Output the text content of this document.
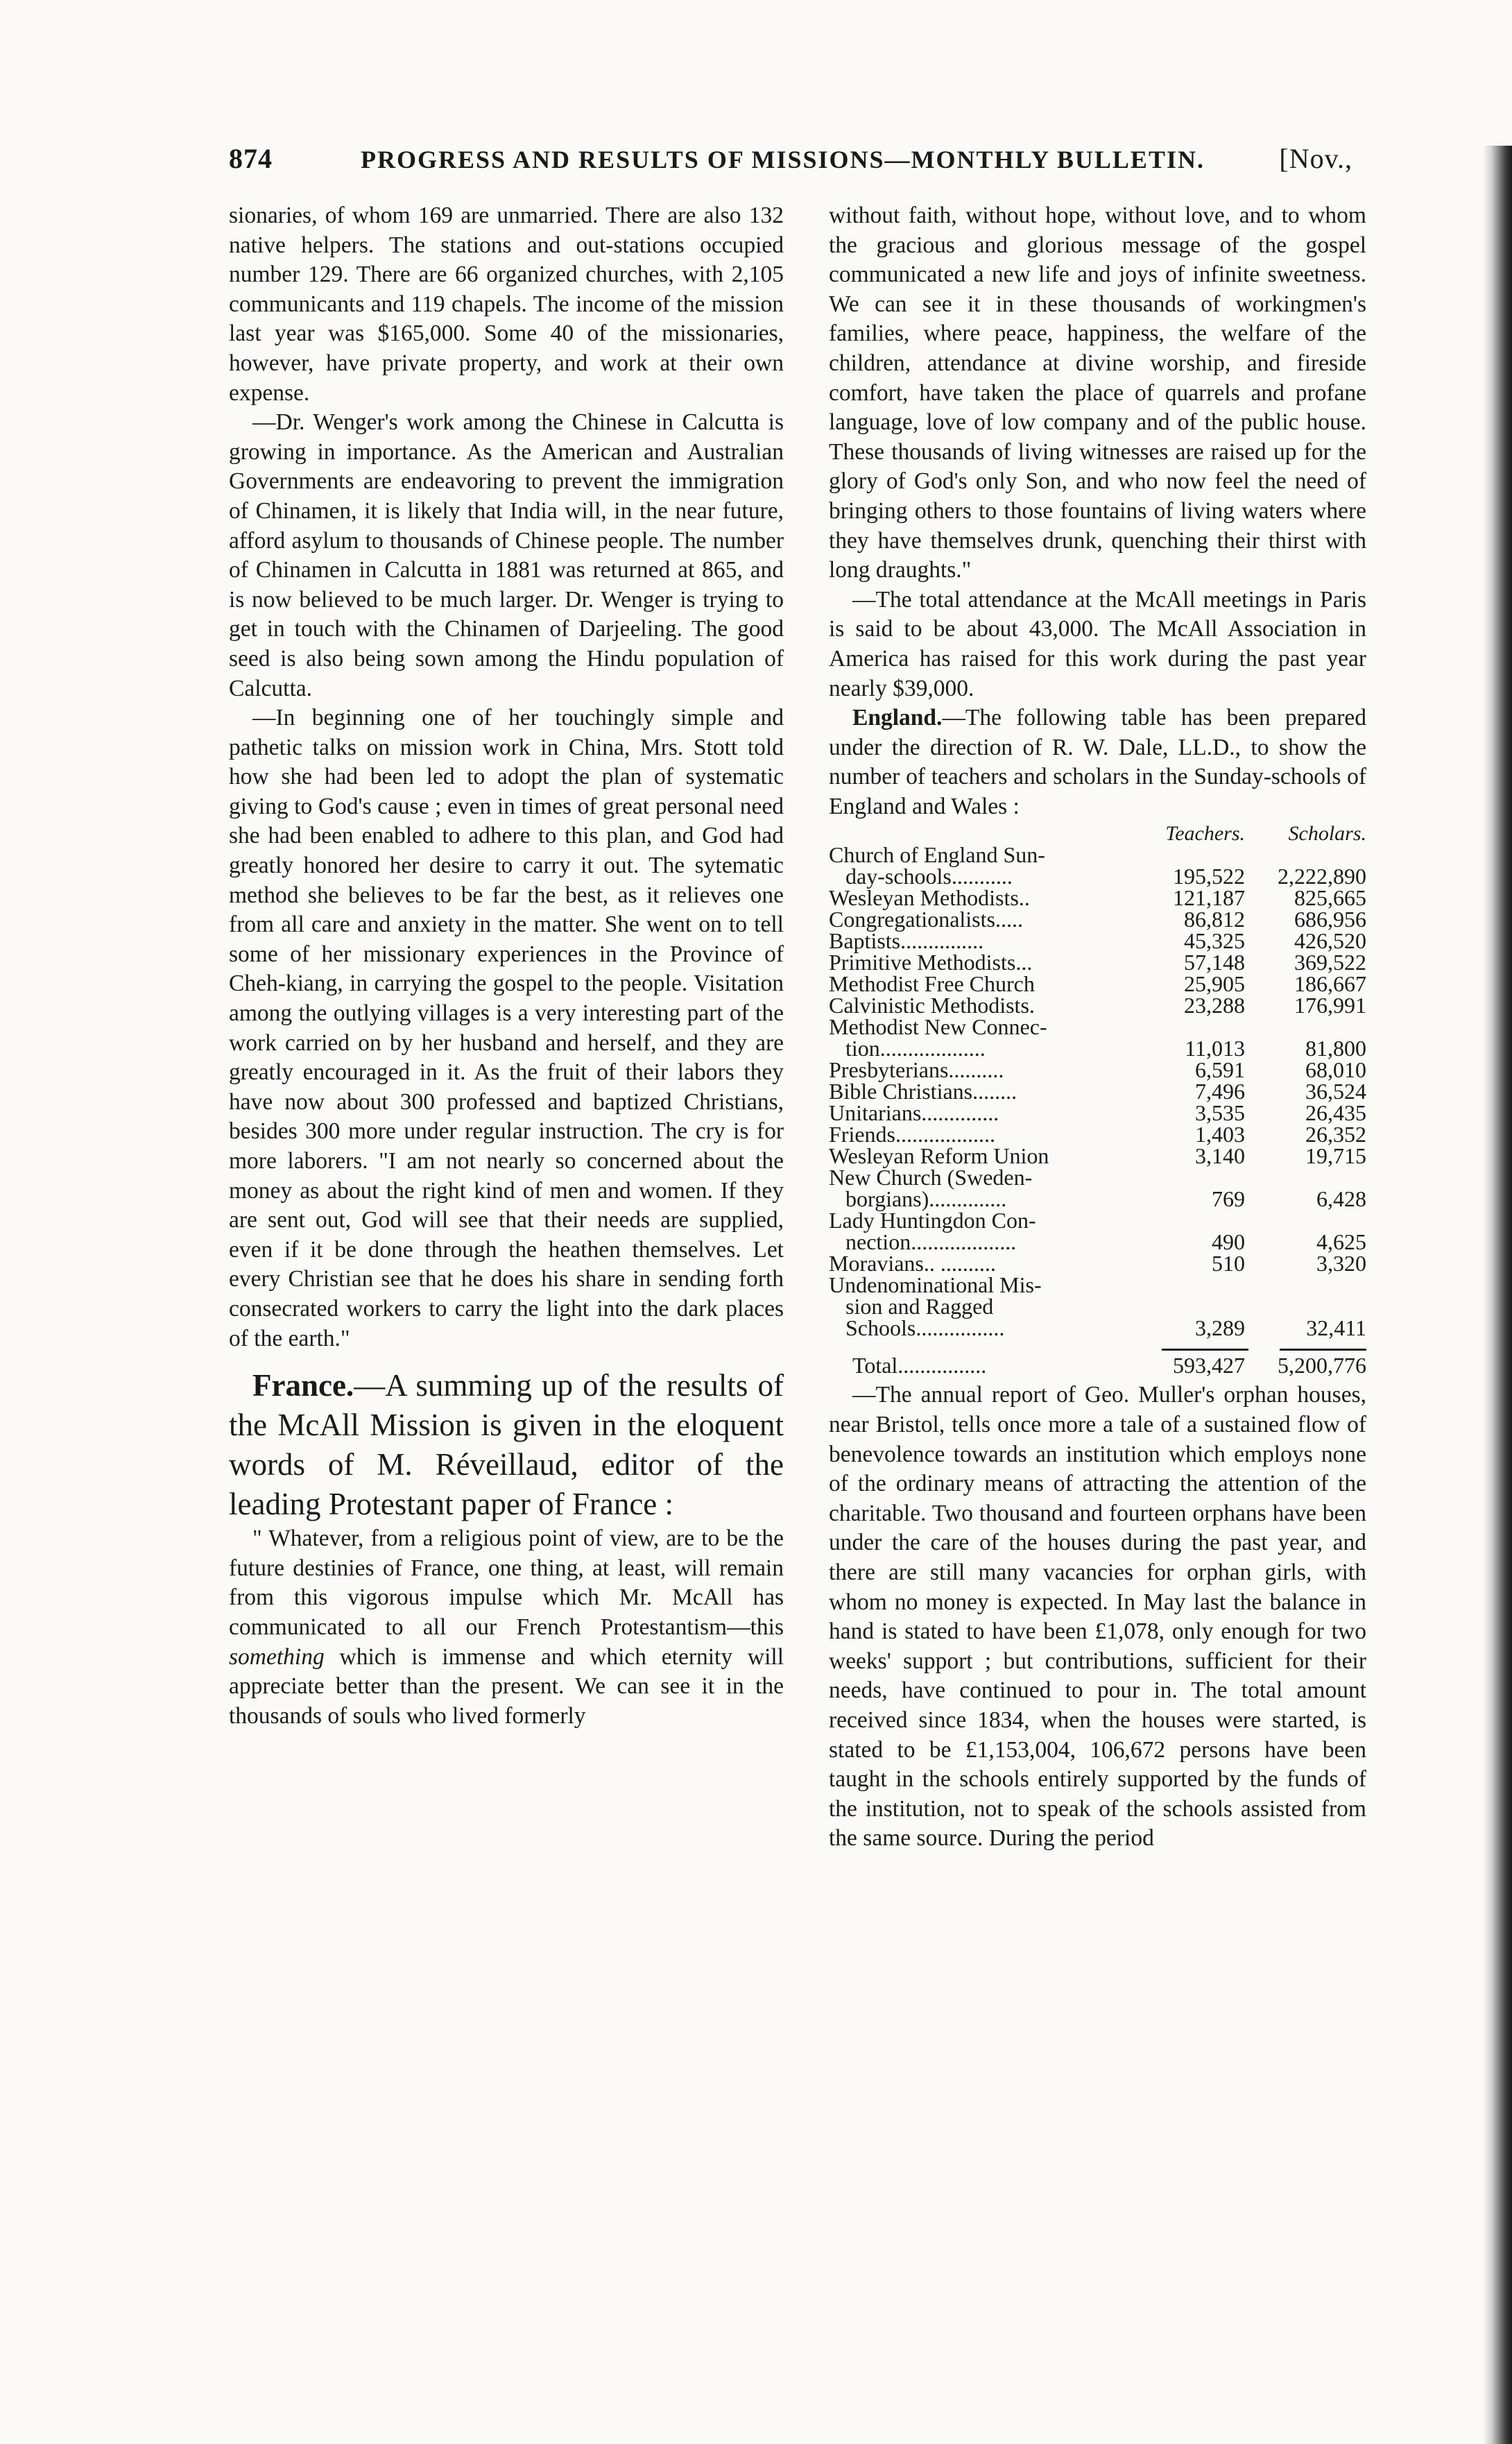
874	PROGRESS AND RESULTS OF MISSIONS—MONTHLY BULLETIN.	[Nov.,

sionaries, of whom 169 are unmarried. There are also 132 native helpers. The stations and out-stations occupied number 129. There are 66 organized churches, with 2,105 communicants and 119 chapels. The income of the mission last year was $165,000. Some 40 of the missionaries, however, have private property, and work at their own expense.

—Dr. Wenger's work among the Chinese in Calcutta is growing in importance. As the American and Australian Governments are endeavoring to prevent the immigration of Chinamen, it is likely that India will, in the near future, afford asylum to thousands of Chinese people. The number of Chinamen in Calcutta in 1881 was returned at 865, and is now believed to be much larger. Dr. Wenger is trying to get in touch with the Chinamen of Darjeeling. The good seed is also being sown among the Hindu population of Calcutta.

—In beginning one of her touchingly simple and pathetic talks on mission work in China, Mrs. Stott told how she had been led to adopt the plan of systematic giving to God's cause ; even in times of great personal need she had been enabled to adhere to this plan, and God had greatly honored her desire to carry it out. The sytematic method she believes to be far the best, as it relieves one from all care and anxiety in the matter. She went on to tell some of her missionary experiences in the Province of Cheh-kiang, in carrying the gospel to the people. Visitation among the outlying villages is a very interesting part of the work carried on by her husband and herself, and they are greatly encouraged in it. As the fruit of their labors they have now about 300 professed and baptized Christians, besides 300 more under regular instruction. The cry is for more laborers. "I am not nearly so concerned about the money as about the right kind of men and women. If they are sent out, God will see that their needs are supplied, even if it be done through the heathen themselves. Let every Christian see that he does his share in sending forth consecrated workers to carry the light into the dark places of the earth."

France.—A summing up of the results of the McAll Mission is given in the eloquent words of M. Réveillaud, editor of the leading Protestant paper of France :

" Whatever, from a religious point of view, are to be the future destinies of France, one thing, at least, will remain from this vigorous impulse which Mr. McAll has communicated to all our French Protestantism—this something which is immense and which eternity will appreciate better than the present. We can see it in the thousands of souls who lived formerly

without faith, without hope, without love, and to whom the gracious and glorious message of the gospel communicated a new life and joys of infinite sweetness. We can see it in these thousands of workingmen's families, where peace, happiness, the welfare of the children, attendance at divine worship, and fireside comfort, have taken the place of quarrels and profane language, love of low company and of the public house. These thousands of living witnesses are raised up for the glory of God's only Son, and who now feel the need of bringing others to those fountains of living waters where they have themselves drunk, quenching their thirst with long draughts."

—The total attendance at the McAll meetings in Paris is said to be about 43,000. The McAll Association in America has raised for this work during the past year nearly $39,000.

England.—The following table has been prepared under the direction of R. W. Dale, LL.D., to show the number of teachers and scholars in the Sunday-schools of England and Wales :

Teachers.	Scholars.
Church of England Sun-
day-schools...........	195,522	2,222,890
Wesleyan Methodists..	121,187	825,665
Congregationalists.....	86,812	686,956
Baptists...............	45,325	426,520
Primitive Methodists...	57,148	369,522
Methodist Free Church	25,905	186,667
Calvinistic Methodists.	23,288	176,991
Methodist New Connec-
tion...................	11,013	81,800
Presbyterians..........	6,591	68,010
Bible Christians........	7,496	36,524
Unitarians..............	3,535	26,435
Friends..................	1,403	26,352
Wesleyan Reform Union	3,140	19,715
New Church (Sweden-
borgians)..............	769	6,428
Lady Huntingdon Con-
nection...................	490	4,625
Moravians.. ..........	510	3,320
Undenominational Mis-
sion and Ragged
Schools................	3,289	32,411
Total................	593,427	5,200,776

—The annual report of Geo. Muller's orphan houses, near Bristol, tells once more a tale of a sustained flow of benevolence towards an institution which employs none of the ordinary means of attracting the attention of the charitable. Two thousand and fourteen orphans have been under the care of the houses during the past year, and there are still many vacancies for orphan girls, with whom no money is expected. In May last the balance in hand is stated to have been £1,078, only enough for two weeks' support ; but contributions, sufficient for their needs, have continued to pour in. The total amount received since 1834, when the houses were started, is stated to be £1,153,004, 106,672 persons have been taught in the schools entirely supported by the funds of the institution, not to speak of the schools assisted from the same source. During the period
